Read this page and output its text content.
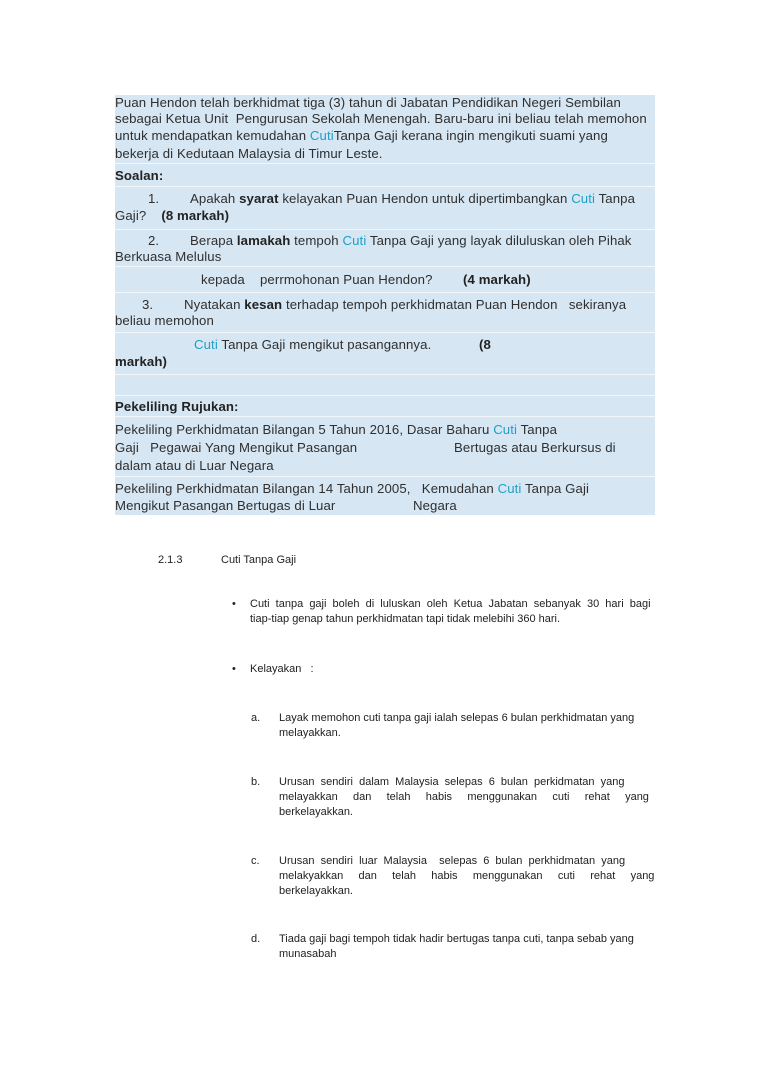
Puan Hendon telah berkhidmat tiga (3) tahun di Jabatan Pendidikan Negeri Sembilan
sebagai Ketua Unit  Pengurusan Sekolah Menengah. Baru-baru ini beliau telah memohon
untuk mendapatkan kemudahan CutiTanpa Gaji kerana ingin mengikuti suami yang
bekerja di Kedutaan Malaysia di Timur Leste.
Soalan:
1. Apakah syarat kelayakan Puan Hendon untuk dipertimbangkan Cuti Tanpa
Gaji? (8 markah)
2. Berapa lamakah tempoh Cuti Tanpa Gaji yang layak diluluskan oleh Pihak
Berkuasa Melulus
kepada perrmohonan Puan Hendon? (4 markah)
3. Nyatakan kesan terhadap tempoh perkhidmatan Puan Hendon   sekiranya
beliau memohon
Cuti Tanpa Gaji mengikut pasangannya.	(8
markah)
Pekeliling Rujukan:
Pekeliling Perkhidmatan Bilangan 5 Tahun 2016, Dasar Baharu Cuti Tanpa
Gaji   Pegawai Yang Mengikut Pasangan	Bertugas atau Berkursus di
dalam atau di Luar Negara
Pekeliling Perkhidmatan Bilangan 14 Tahun 2005,   Kemudahan Cuti Tanpa Gaji
Mengikut Pasangan Bertugas di Luar	Negara
2.1.3	Cuti Tanpa Gaji
• Cuti  tanpa  gaji  boleh  di  luluskan  oleh  Ketua  Jabatan  sebanyak  30  hari  bagi
tiap-tiap genap tahun perkhidmatan tapi tidak melebihi 360 hari.
• Kelayakan   :
a. Layak memohon cuti tanpa gaji ialah selepas 6 bulan perkhidmatan yang
melayakkan.
b. Urusan  sendiri  dalam  Malaysia  selepas  6  bulan  perkidmatan  yang
melayakkan     dan     telah     habis     menggunakan     cuti     rehat     yang
berkelayakkan.
c. Urusan  sendiri  luar  Malaysia    selepas  6  bulan  perkhidmatan  yang
melakyakkan     dan     telah     habis     menggunakan     cuti     rehat     yang
berkelayakkan.
d. Tiada gaji bagi tempoh tidak hadir bertugas tanpa cuti, tanpa sebab yang
munasabah
